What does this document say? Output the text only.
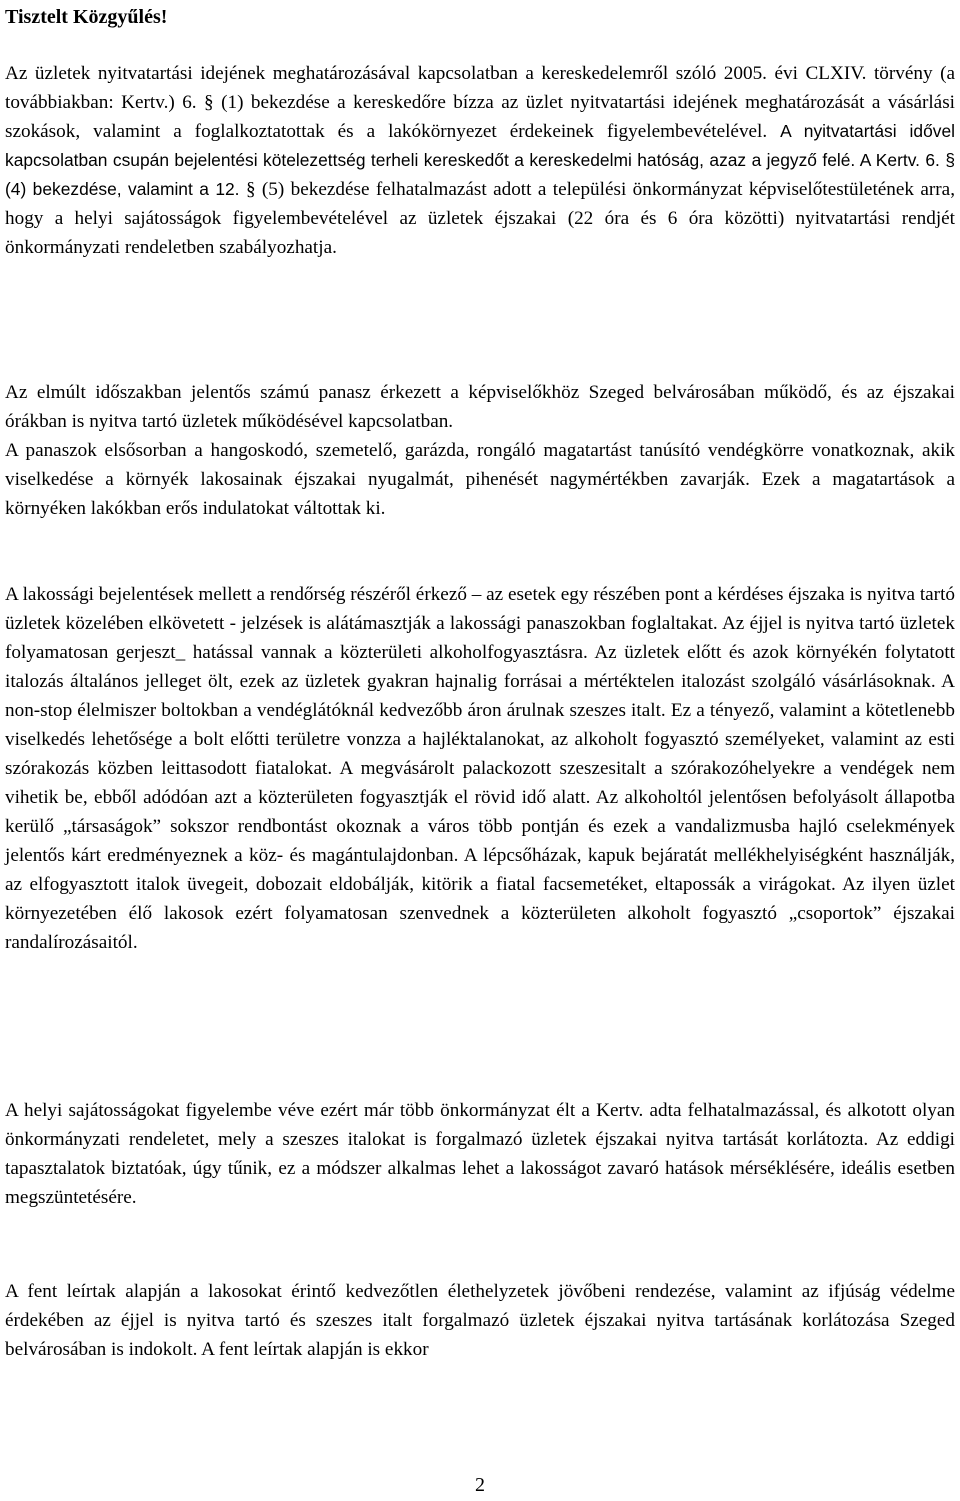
Tisztelt Közgyűlés!

Az üzletek nyitvatartási idejének meghatározásával kapcsolatban a kereskedelemről szóló 2005. évi CLXIV. törvény (a továbbiakban: Kertv.) 6. § (1) bekezdése a kereskedőre bízza az üzlet nyitvatartási idejének meghatározását a vásárlási szokások, valamint a foglalkoztatottak és a lakókörnyezet érdekeinek figyelembevételével. A nyitvatartási idővel kapcsolatban csupán bejelentési kötelezettség terheli kereskedőt a kereskedelmi hatóság, azaz a jegyző felé. A Kertv. 6. § (4) bekezdése, valamint a 12. § (5) bekezdése felhatalmazást adott a települési önkormányzat képviselőtestületének arra, hogy a helyi sajátosságok figyelembevételével az üzletek éjszakai (22 óra és 6 óra közötti) nyitvatartási rendjét önkormányzati rendeletben szabályozhatja.

Az elmúlt időszakban jelentős számú panasz érkezett a képviselőkhöz Szeged belvárosában működő, és az éjszakai órákban is nyitva tartó üzletek működésével kapcsolatban.

A panaszok elsősorban a hangoskodó, szemetelő, garázda, rongáló magatartást tanúsító vendégkörre vonatkoznak, akik viselkedése a környék lakosainak éjszakai nyugalmát, pihenését nagymértékben zavarják. Ezek a magatartások a környéken lakókban erős indulatokat váltottak ki.

A lakossági bejelentések mellett a rendőrség részéről érkező – az esetek egy részében pont a kérdéses éjszaka is nyitva tartó üzletek közelében elkövetett - jelzések is alátámasztják a lakossági panaszokban foglaltakat. Az éjjel is nyitva tartó üzletek folyamatosan gerjeszt_ hatással vannak a közterületi alkoholfogyasztásra. Az üzletek előtt és azok környékén folytatott italozás általános jelleget ölt, ezek az üzletek gyakran hajnalig forrásai a mértéktelen italozást szolgáló vásárlásoknak. A non-stop élelmiszer boltokban a vendéglátóknál kedvezőbb áron árulnak szeszes italt. Ez a tényező, valamint a kötetlenebb viselkedés lehetősége a bolt előtti területre vonzza a hajléktalanokat, az alkoholt fogyasztó személyeket, valamint az esti szórakozás közben leittasodott fiatalokat. A megvásárolt palackozott szeszesitalt a szórakozóhelyekre a vendégek nem vihetik be, ebből adódóan azt a közterületen fogyasztják el rövid idő alatt. Az alkoholtól jelentősen befolyásolt állapotba kerülő „társaságok” sokszor rendbontást okoznak a város több pontján és ezek a vandalizmusba hajló cselekmények jelentős kárt eredményeznek a köz- és magántulajdonban. A lépcsőházak, kapuk bejáratát mellékhelyiségként használják, az elfogyasztott italok üvegeit, dobozait eldobálják, kitörik a fiatal facsemetéket, eltapossák a virágokat. Az ilyen üzlet környezetében élő lakosok ezért folyamatosan szenvednek a közterületen alkoholt fogyasztó „csoportok” éjszakai randalírozásaitól.

A helyi sajátosságokat figyelembe véve ezért már több önkormányzat élt a Kertv. adta felhatalmazással, és alkotott olyan önkormányzati rendeletet, mely a szeszes italokat is forgalmazó üzletek éjszakai nyitva tartását korlátozta. Az eddigi tapasztalatok biztatóak, úgy tűnik, ez a módszer alkalmas lehet a lakosságot zavaró hatások mérséklésére, ideális esetben megszüntetésére.

A fent leírtak alapján a lakosokat érintő kedvezőtlen élethelyzetek jövőbeni rendezése, valamint az ifjúság védelme érdekében az éjjel is nyitva tartó és szeszes italt forgalmazó üzletek éjszakai nyitva tartásának korlátozása Szeged belvárosában is indokolt. A fent leírtak alapján is ekkor

2
